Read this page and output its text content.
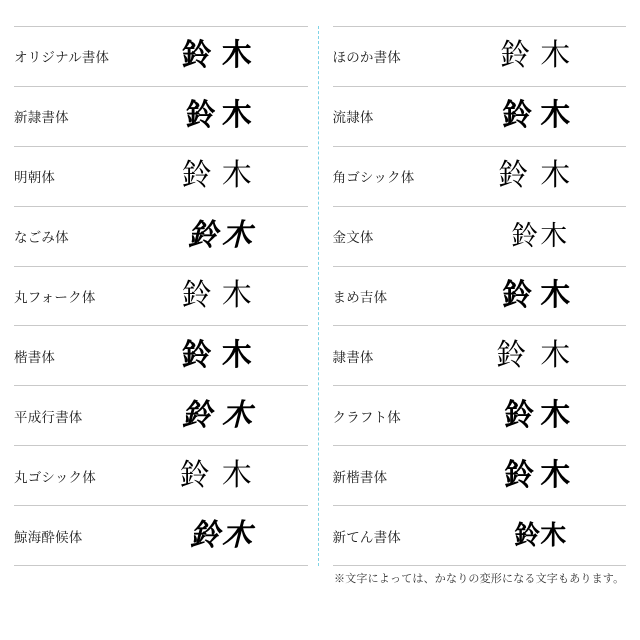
オリジナル書体	鈴木
新隷書体	鈴木
明朝体	鈴木
なごみ体	鈴木
丸フォーク体	鈴木
楷書体	鈴木
平成行書体	鈴木
丸ゴシック体	鈴木
鯨海酔候体	鈴木
ほのか書体	鈴木
流隷体	鈴木
角ゴシック体	鈴木
金文体	鈴木
まめ吉体	鈴木
隷書体	鈴木
クラフト体	鈴木
新楷書体	鈴木
新てん書体	鈴木
※文字によっては、かなりの変形になる文字もあります。
